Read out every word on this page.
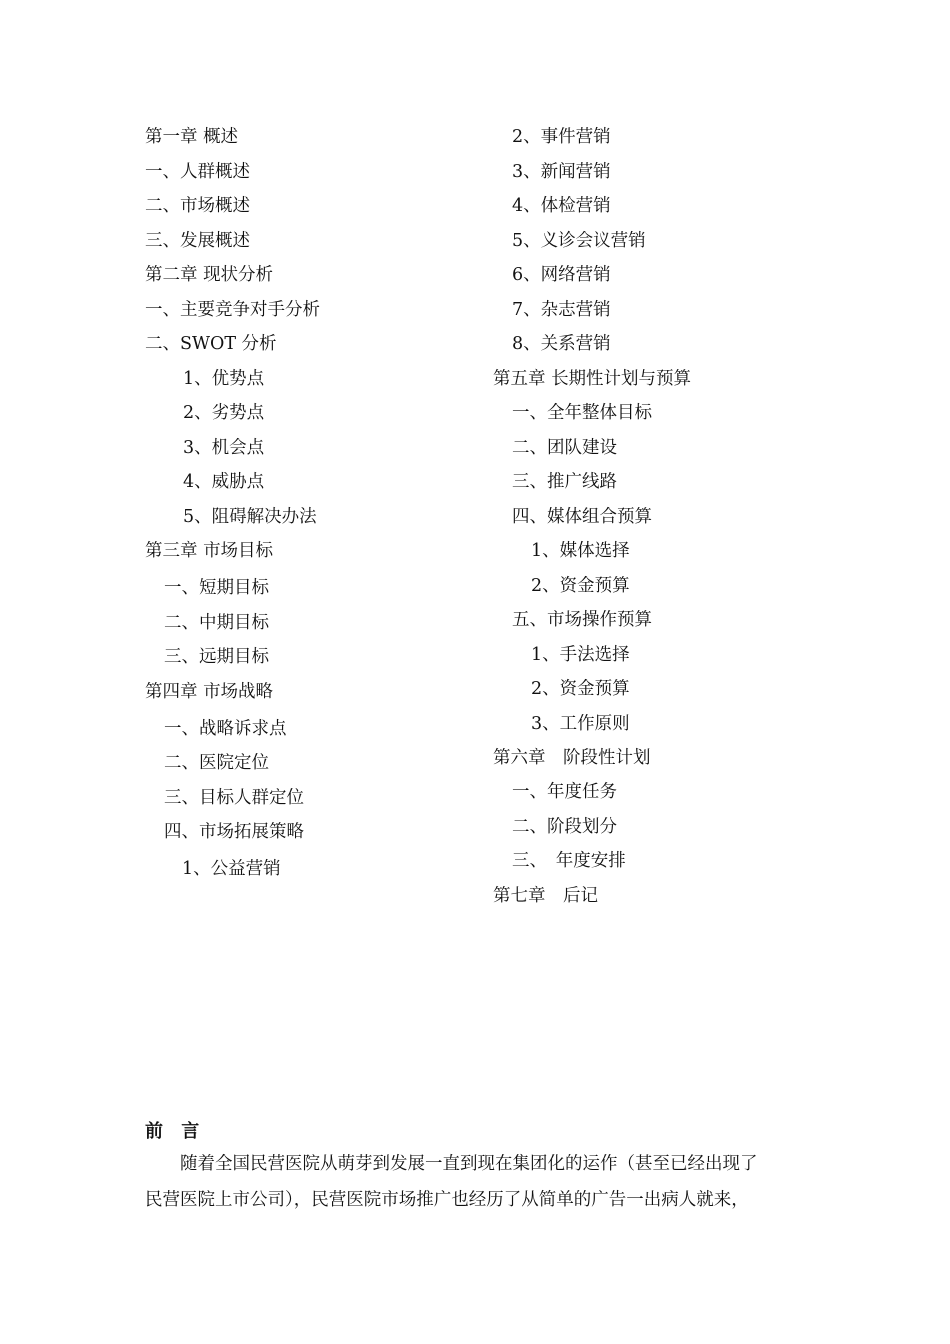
第一章 概述
一、人群概述
二、市场概述
三、发展概述
第二章 现状分析
一、主要竞争对手分析
二、SWOT 分析
1、优势点
2、劣势点
3、机会点
4、威胁点
5、阻碍解决办法
第三章 市场目标
一、短期目标
二、中期目标
三、远期目标
第四章 市场战略
一、战略诉求点
二、医院定位
三、目标人群定位
四、市场拓展策略
1、公益营销
2、事件营销
3、新闻营销
4、体检营销
5、义诊会议营销
6、网络营销
7、杂志营销
8、关系营销
第五章 长期性计划与预算
一、全年整体目标
二、团队建设
三、推广线路
四、媒体组合预算
1、媒体选择
2、资金预算
五、市场操作预算
1、手法选择
2、资金预算
3、工作原则
第六章　阶段性计划
一、年度任务
二、阶段划分
三、　年度安排
第七章　后记
前 言

　　随着全国民营医院从萌芽到发展一直到现在集团化的运作（甚至已经出现了

民营医院上市公司），民营医院市场推广也经历了从简单的广告一出病人就来，
